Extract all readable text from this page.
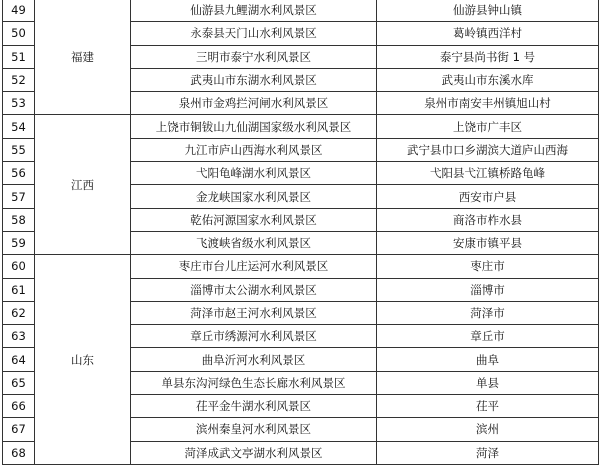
49	福建	仙游县九鲤湖水利风景区	仙游县钟山镇
50		永泰县天门山水利风景区	葛岭镇西洋村
51		三明市泰宁水利风景区	泰宁县尚书街 1 号
52		武夷山市东湖水利风景区	武夷山市东溪水库
53		泉州市金鸡拦河闸水利风景区	泉州市南安丰州镇旭山村
54	江西	上饶市铜钹山九仙湖国家级水利风景区	上饶市广丰区
55		九江市庐山西海水利风景区	武宁县巾口乡湖滨大道庐山西海
56		弋阳龟峰湖水利风景区	弋阳县弋江镇桥路龟峰
57		金龙峡国家水利风景区	西安市户县
58		乾佑河源国家水利风景区	商洛市柞水县
59		飞渡峡省级水利风景区	安康市镇平县
60	山东	枣庄市台儿庄运河水利风景区	枣庄市
61		淄博市太公湖水利风景区	淄博市
62		菏泽市赵王河水利风景区	菏泽市
63		章丘市绣源河水利风景区	章丘市
64		曲阜沂河水利风景区	曲阜
65		单县东沟河绿色生态长廊水利风景区	单县
66		茌平金牛湖水利风景区	茌平
67		滨州秦皇河水利风景区	滨州
68		菏泽成武文亭湖水利风景区	菏泽
